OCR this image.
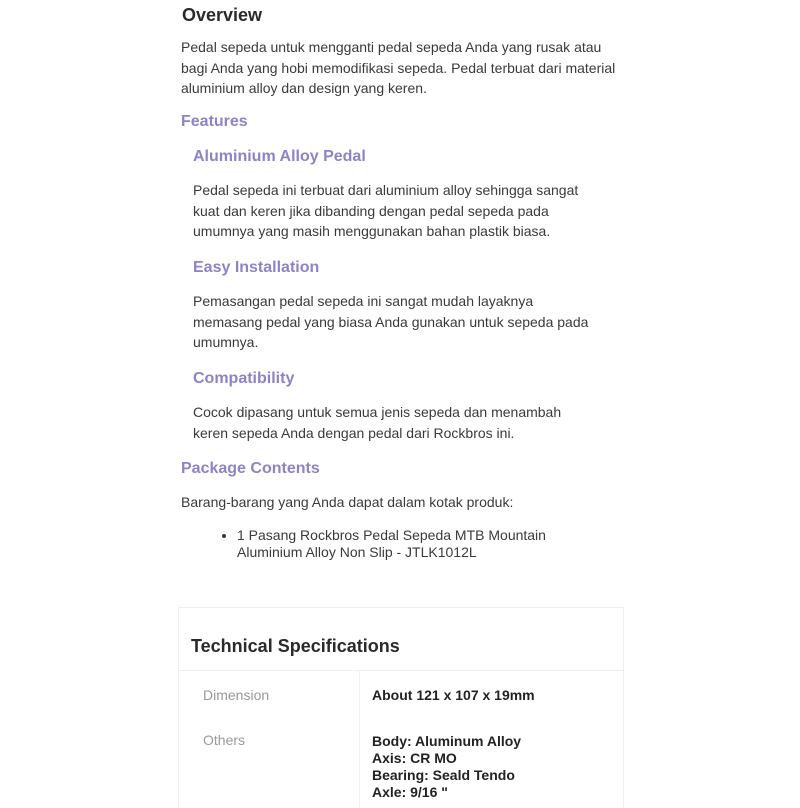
Overview

Pedal sepeda untuk mengganti pedal sepeda Anda yang rusak atau bagi Anda yang hobi memodifikasi sepeda. Pedal terbuat dari material aluminium alloy dan design yang keren.

Features
Aluminium Alloy Pedal

Pedal sepeda ini terbuat dari aluminium alloy sehingga sangat kuat dan keren jika dibanding dengan pedal sepeda pada umumnya yang masih menggunakan bahan plastik biasa.

Easy Installation

Pemasangan pedal sepeda ini sangat mudah layaknya memasang pedal yang biasa Anda gunakan untuk sepeda pada umumnya.

Compatibility

Cocok dipasang untuk semua jenis sepeda dan menambah keren sepeda Anda dengan pedal dari Rockbros ini.

Package Contents

Barang-barang yang Anda dapat dalam kotak produk:

• 1 Pasang Rockbros Pedal Sepeda MTB Mountain Aluminium Alloy Non Slip - JTLK1012L
Technical Specifications
Dimension	About 121 x 107 x 19mm
Others	Body: Aluminum Alloy
Axis: CR MO
Bearing: Seald Tendo
Axle: 9/16 "
